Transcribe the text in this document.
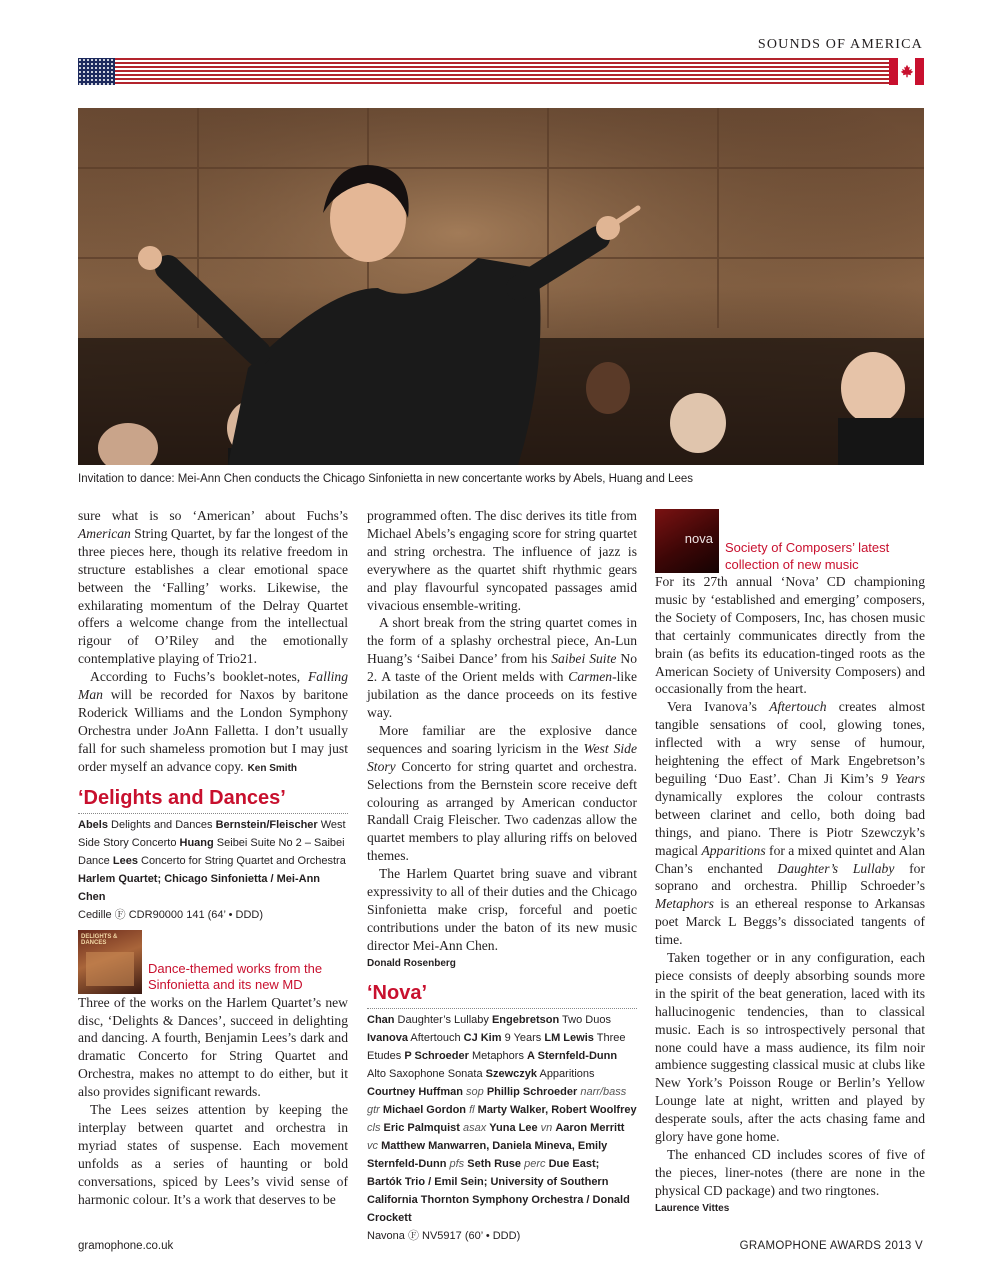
SOUNDS OF AMERICA
Invitation to dance: Mei-Ann Chen conducts the Chicago Sinfonietta in new concertante works by Abels, Huang and Lees

sure what is so ‘American’ about Fuchs’s American String Quartet, by far the longest of the three pieces here, though its relative freedom in structure establishes a clear emotional space between the ‘Falling’ works. Likewise, the exhilarating momentum of the Delray Quartet offers a welcome change from the intellectual rigour of O’Riley and the emotionally contemplative playing of Trio21.

According to Fuchs’s booklet-notes, Falling Man will be recorded for Naxos by baritone Roderick Williams and the London Symphony Orchestra under JoAnn Falletta. I don’t usually fall for such shameless promotion but I may just order myself an advance copy. Ken Smith

‘Delights and Dances’
Abels Delights and Dances Bernstein/Fleischer West Side Story Concerto Huang Seibei Suite No 2 – Saibei Dance Lees Concerto for String Quartet and Orchestra
Harlem Quartet; Chicago Sinfonietta / Mei-Ann Chen
Cedille Ⓕ CDR90000 141 (64’ • DDD)
DELIGHTS & DANCES
Dance-themed works from the Sinfonietta and its new MD

Three of the works on the Harlem Quartet’s new disc, ‘Delights & Dances’, succeed in delighting and dancing. A fourth, Benjamin Lees’s dark and dramatic Concerto for String Quartet and Orchestra, makes no attempt to do either, but it also provides significant rewards.

The Lees seizes attention by keeping the interplay between quartet and orchestra in myriad states of suspense. Each movement unfolds as a series of haunting or bold conversations, spiced by Lees’s vivid sense of harmonic colour. It’s a work that deserves to be

programmed often. The disc derives its title from Michael Abels’s engaging score for string quartet and string orchestra. The influence of jazz is everywhere as the quartet shift rhythmic gears and play flavourful syncopated passages amid vivacious ensemble-writing.

A short break from the string quartet comes in the form of a splashy orchestral piece, An-Lun Huang’s ‘Saibei Dance’ from his Saibei Suite No 2. A taste of the Orient melds with Carmen-like jubilation as the dance proceeds on its festive way.

More familiar are the explosive dance sequences and soaring lyricism in the West Side Story Concerto for string quartet and orchestra. Selections from the Bernstein score receive deft colouring as arranged by American conductor Randall Craig Fleischer. Two cadenzas allow the quartet members to play alluring riffs on beloved themes.

The Harlem Quartet bring suave and vibrant expressivity to all of their duties and the Chicago Sinfonietta make crisp, forceful and poetic contributions under the baton of its new music director Mei-Ann Chen.

Donald Rosenberg
‘Nova’
Chan Daughter’s Lullaby Engebretson Two Duos Ivanova Aftertouch CJ Kim 9 Years LM Lewis Three Etudes P Schroeder Metaphors A Sternfeld-Dunn Alto Saxophone Sonata Szewczyk Apparitions
Courtney Huffman sop Phillip Schroeder narr/bass gtr Michael Gordon fl Marty Walker, Robert Woolfrey cls Eric Palmquist asax Yuna Lee vn Aaron Merritt vc Matthew Manwarren, Daniela Mineva, Emily Sternfeld-Dunn pfs Seth Ruse perc Due East; Bartók Trio / Emil Sein; University of Southern California Thornton Symphony Orchestra / Donald Crockett
Navona Ⓕ NV5917 (60’ • DDD)
nova
Society of Composers’ latest collection of new music

For its 27th annual ‘Nova’ CD championing music by ‘established and emerging’ composers, the Society of Composers, Inc, has chosen music that certainly communicates directly from the brain (as befits its education-tinged roots as the American Society of University Composers) and occasionally from the heart.

Vera Ivanova’s Aftertouch creates almost tangible sensations of cool, glowing tones, inflected with a wry sense of humour, heightening the effect of Mark Engebretson’s beguiling ‘Duo East’. Chan Ji Kim’s 9 Years dynamically explores the colour contrasts between clarinet and cello, both doing bad things, and piano. There is Piotr Szewczyk’s magical Apparitions for a mixed quintet and Alan Chan’s enchanted Daughter’s Lullaby for soprano and orchestra. Phillip Schroeder’s Metaphors is an ethereal response to Arkansas poet Marck L Beggs’s dissociated tangents of time.

Taken together or in any configuration, each piece consists of deeply absorbing sounds more in the spirit of the beat generation, laced with its hallucinogenic tendencies, than to classical music. Each is so introspectively personal that none could have a mass audience, its film noir ambience suggesting classical music at clubs like New York’s Poisson Rouge or Berlin’s Yellow Lounge late at night, written and played by desperate souls, after the acts chasing fame and glory have gone home.

The enhanced CD includes scores of five of the pieces, liner-notes (there are none in the physical CD package) and two ringtones.

Laurence Vittes
gramophone.co.uk	GRAMOPHONE AWARDS 2013 V
